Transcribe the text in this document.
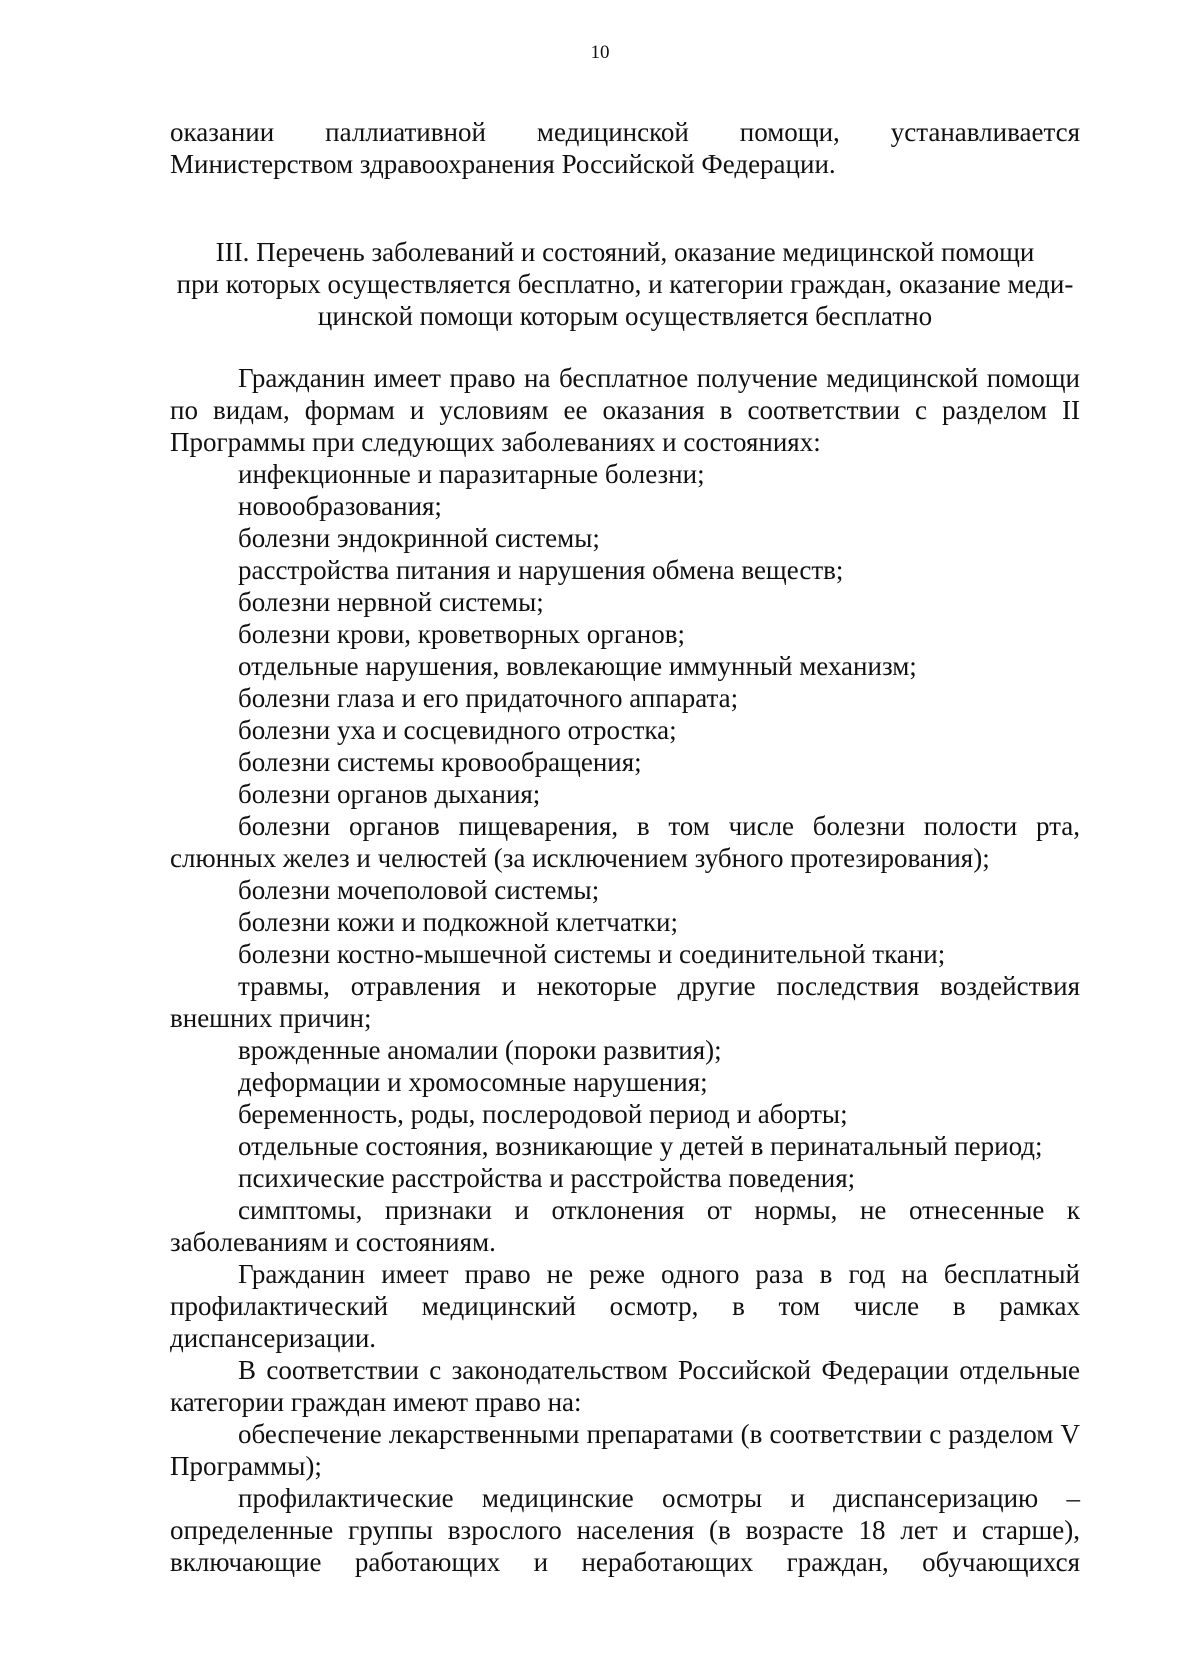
10

оказании паллиативной медицинской помощи, устанавливается Министерством здравоохранения Российской Федерации.

III. Перечень заболеваний и состояний, оказание медицинской помощи
при которых осуществляется бесплатно, и категории граждан, оказание меди-
цинской помощи которым осуществляется бесплатно

Гражданин имеет право на бесплатное получение медицинской помощи по видам, формам и условиям ее оказания в соответствии с разделом II Программы при следующих заболеваниях и состояниях:

инфекционные и паразитарные болезни;

новообразования;

болезни эндокринной системы;

расстройства питания и нарушения обмена веществ;

болезни нервной системы;

болезни крови, кроветворных органов;

отдельные нарушения, вовлекающие иммунный механизм;

болезни глаза и его придаточного аппарата;

болезни уха и сосцевидного отростка;

болезни системы кровообращения;

болезни органов дыхания;

болезни органов пищеварения, в том числе болезни полости рта, слюнных желез и челюстей (за исключением зубного протезирования);

болезни мочеполовой системы;

болезни кожи и подкожной клетчатки;

болезни костно-мышечной системы и соединительной ткани;

травмы, отравления и некоторые другие последствия воздействия внешних причин;

врожденные аномалии (пороки развития);

деформации и хромосомные нарушения;

беременность, роды, послеродовой период и аборты;

отдельные состояния, возникающие у детей в перинатальный период;

психические расстройства и расстройства поведения;

симптомы, признаки и отклонения от нормы, не отнесенные к заболеваниям и состояниям.

Гражданин имеет право не реже одного раза в год на бесплатный профилактический медицинский осмотр, в том числе в рамках диспансеризации.

В соответствии с законодательством Российской Федерации отдельные категории граждан имеют право на:

обеспечение лекарственными препаратами (в соответствии с разделом V Программы);

профилактические медицинские осмотры и диспансеризацию – определенные группы взрослого населения (в возрасте 18 лет и старше), включающие работающих и неработающих граждан, обучающихся
